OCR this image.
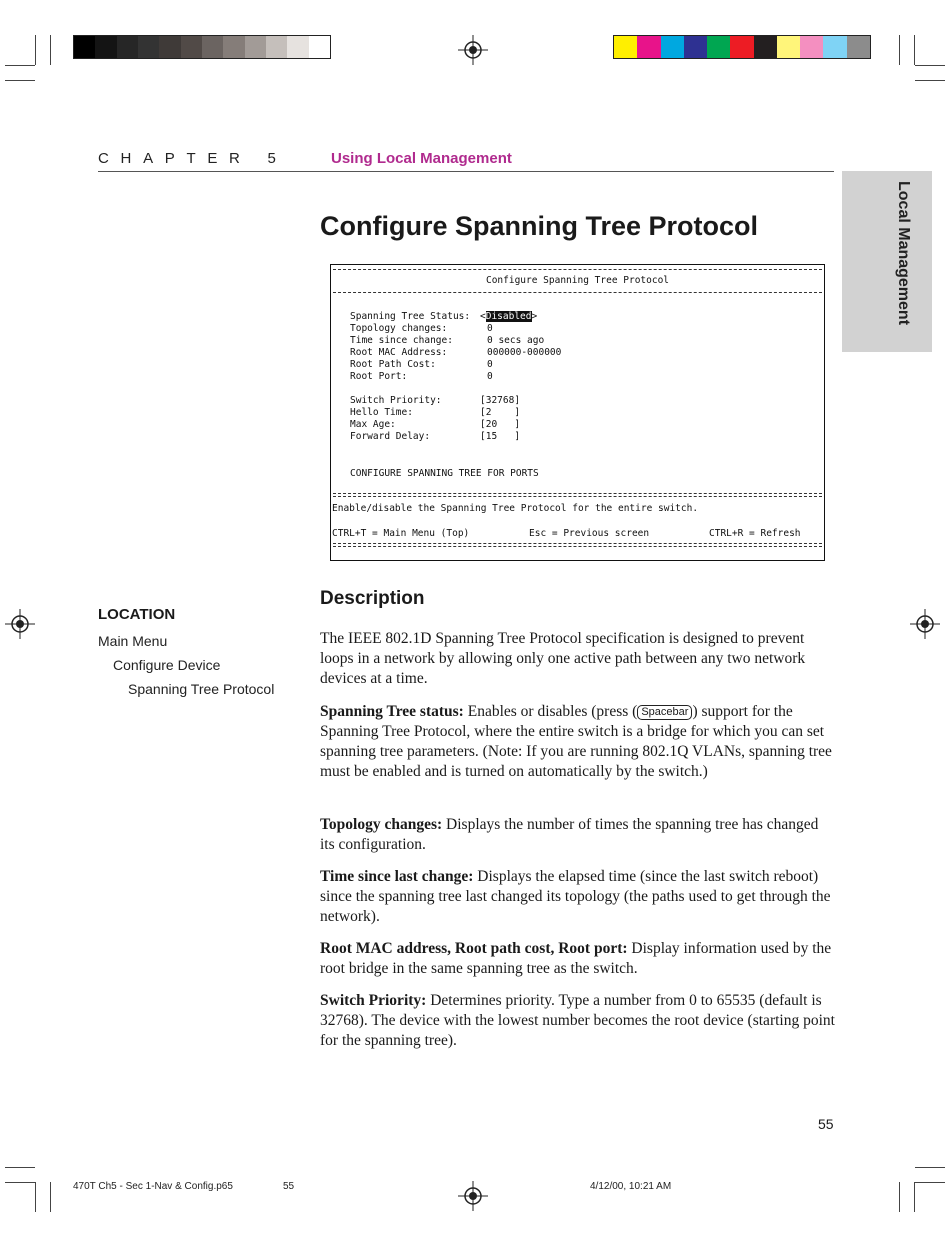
CHAPTER 5	Using Local Management
Local Management
Configure Spanning Tree Protocol
Configure Spanning Tree Protocol
Spanning Tree Status: <Disabled>
Topology changes:	0
Time since change:	0 secs ago
Root MAC Address:	000000-000000
Root Path Cost:	0
Root Port:	0
Switch Priority:	[32768]
Hello Time:	[2    ]
Max Age:	[20   ]
Forward Delay:	[15   ]
CONFIGURE SPANNING TREE FOR PORTS
Enable/disable the Spanning Tree Protocol for the entire switch.
CTRL+T = Main Menu (Top)	Esc = Previous screen	CTRL+R = Refresh
LOCATION
Main Menu
Configure Device
Spanning Tree Protocol
Description
The IEEE 802.1D Spanning Tree Protocol specification is designed to prevent loops in a network by allowing only one active path between any two network devices at a time.
Spanning Tree status: Enables or disables (press ( Spacebar ) support for the Spanning Tree Protocol, where the entire switch is a bridge for which you can set spanning tree parameters. (Note: If you are running 802.1Q VLANs, spanning tree must be enabled and is turned on automatically by the switch.)
Topology changes: Displays the number of times the spanning tree has changed its configuration.
Time since last change: Displays the elapsed time (since the last switch reboot) since the spanning tree last changed its topology (the paths used to get through the network).
Root MAC address, Root path cost, Root port: Display information used by the root bridge in the same spanning tree as the switch.
Switch Priority: Determines priority. Type a number from 0 to 65535 (default is 32768). The device with the lowest number becomes the root device (starting point for the spanning tree).
55
470T Ch5 - Sec 1-Nav & Config.p65	55	4/12/00, 10:21 AM
